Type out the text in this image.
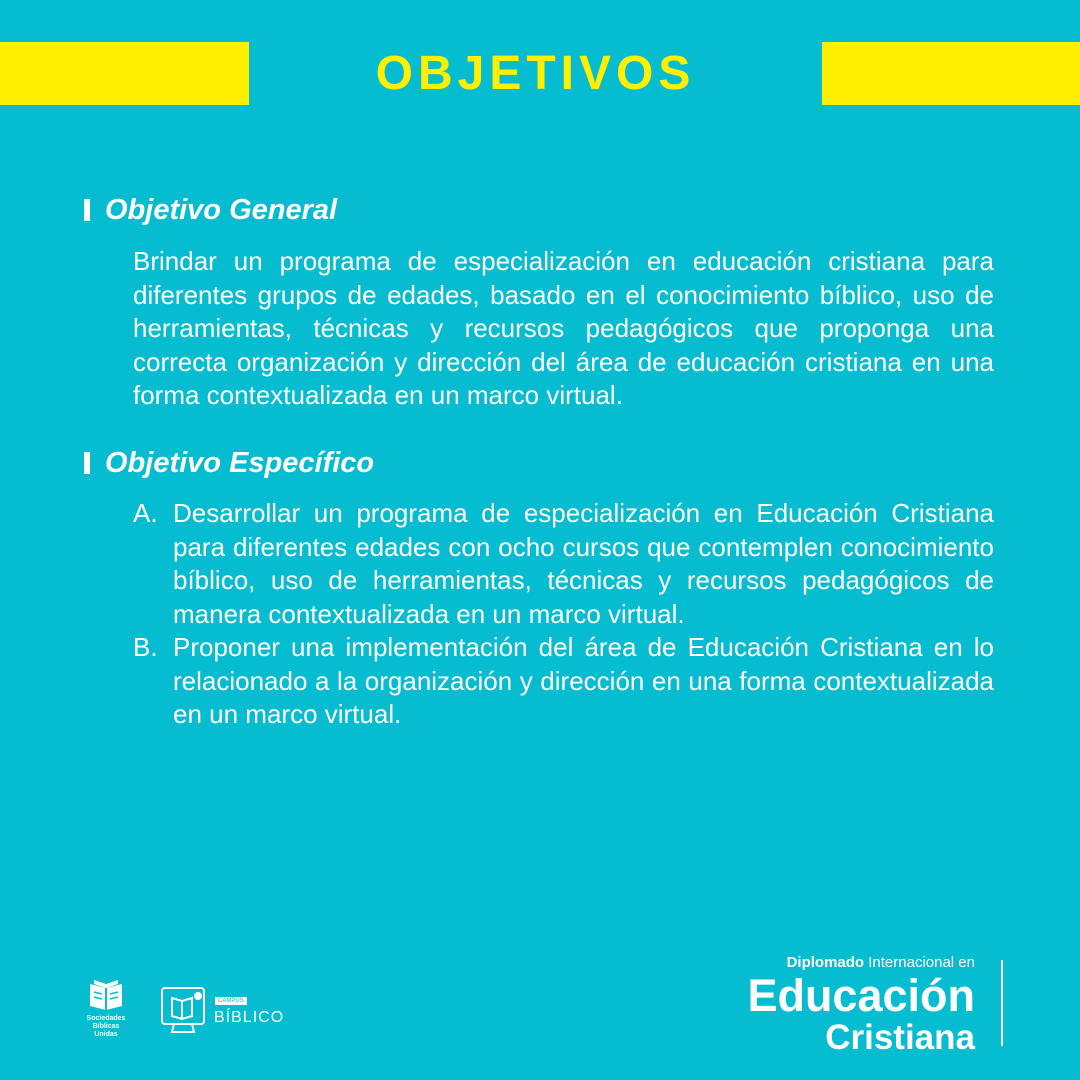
OBJETIVOS
Objetivo General
Brindar un programa de especialización en educación cristiana para diferentes grupos de edades, basado en el conocimiento bíblico, uso de herramientas, técnicas y recursos pedagógicos que proponga una correcta organización y dirección del área de educación cristiana en una forma contextualizada en un marco virtual.
Objetivo Específico
A. Desarrollar un programa de especialización en Educación Cristiana para diferentes edades con ocho cursos que contemplen conocimiento bíblico, uso de herramientas, técnicas y recursos pedagógicos de manera contextualizada en un marco virtual.
B. Proponer una implementación del área de Educación Cristiana en lo relacionado a la organización y dirección en una forma contextualizada en un marco virtual.
Sociedades
Bíblicas
Unidas
CAMPUS
BÍBLICO
Diplomado Internacional en
Educación
Cristiana
